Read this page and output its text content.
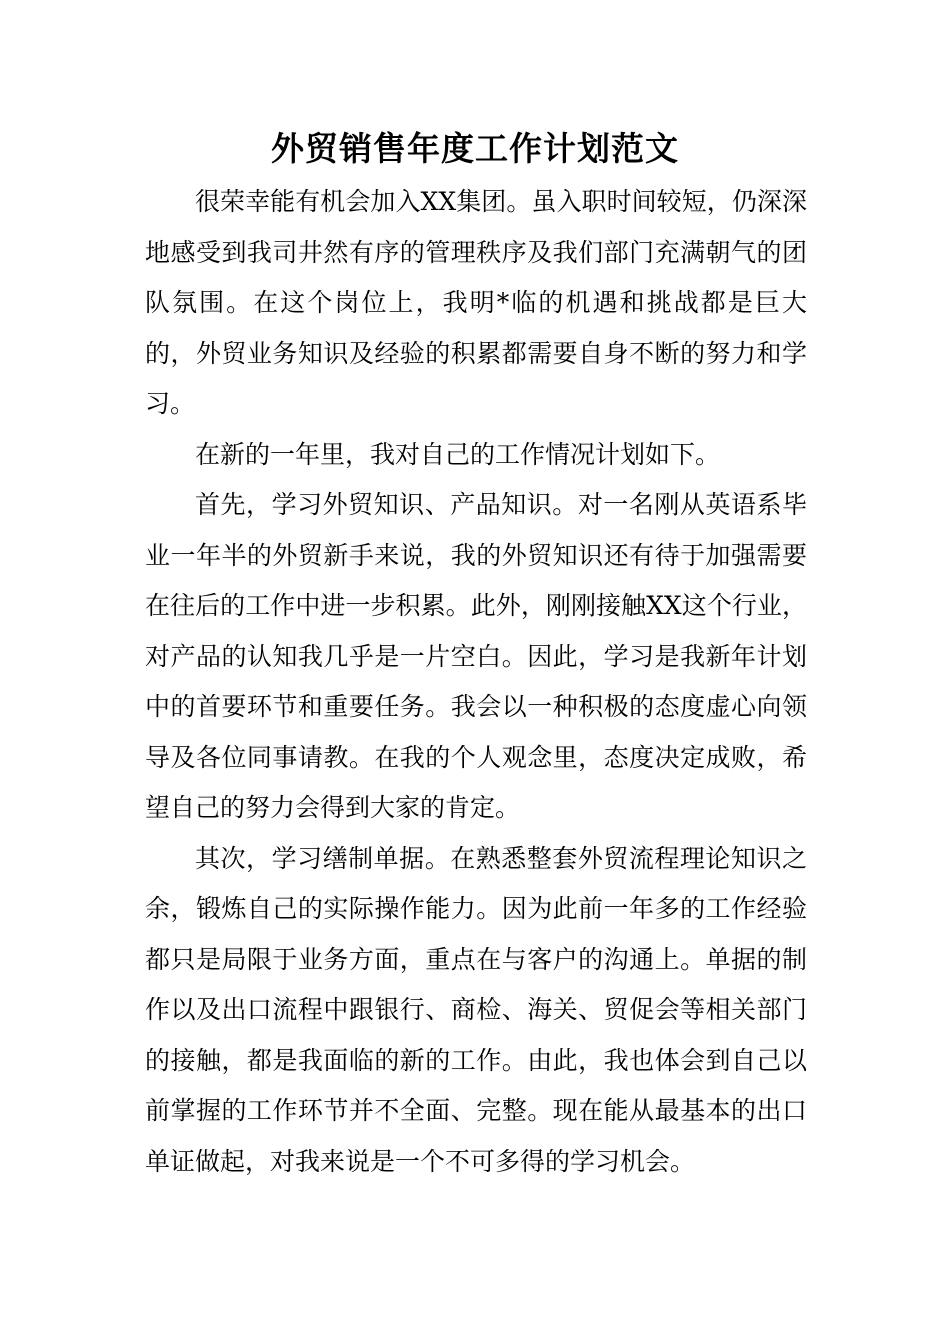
外贸销售年度工作计划范文

很荣幸能有机会加入XX集团。虽入职时间较短，仍深深地感受到我司井然有序的管理秩序及我们部门充满朝气的团队氛围。在这个岗位上，我明*临的机遇和挑战都是巨大的，外贸业务知识及经验的积累都需要自身不断的努力和学习。

在新的一年里，我对自己的工作情况计划如下。

首先，学习外贸知识、产品知识。对一名刚从英语系毕业一年半的外贸新手来说，我的外贸知识还有待于加强需要在往后的工作中进一步积累。此外，刚刚接触XX这个行业，对产品的认知我几乎是一片空白。因此，学习是我新年计划中的首要环节和重要任务。我会以一种积极的态度虚心向领导及各位同事请教。在我的个人观念里，态度决定成败，希望自己的努力会得到大家的肯定。

其次，学习缮制单据。在熟悉整套外贸流程理论知识之余，锻炼自己的实际操作能力。因为此前一年多的工作经验都只是局限于业务方面，重点在与客户的沟通上。单据的制作以及出口流程中跟银行、商检、海关、贸促会等相关部门的接触，都是我面临的新的工作。由此，我也体会到自己以前掌握的工作环节并不全面、完整。现在能从最基本的出口单证做起，对我来说是一个不可多得的学习机会。
